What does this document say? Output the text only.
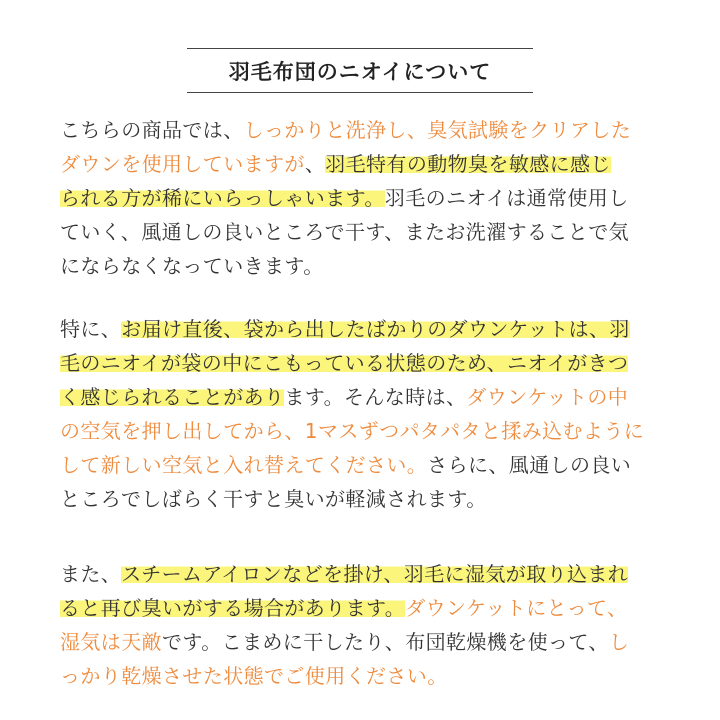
羽毛布団のニオイについて
こちらの商品では、しっかりと洗浄し、臭気試験をクリアした
ダウンを使用していますが、羽毛特有の動物臭を敏感に感じ
られる方が稀にいらっしゃいます。羽毛のニオイは通常使用し
ていく、風通しの良いところで干す、またお洗濯することで気
にならなくなっていきます。
特に、お届け直後、袋から出したばかりのダウンケットは、羽
毛のニオイが袋の中にこもっている状態のため、ニオイがきつ
く感じられることがあります。そんな時は、ダウンケットの中
の空気を押し出してから、1マスずつパタパタと揉み込むように
して新しい空気と入れ替えてください。さらに、風通しの良い
ところでしばらく干すと臭いが軽減されます。
また、スチームアイロンなどを掛け、羽毛に湿気が取り込まれ
ると再び臭いがする場合があります。ダウンケットにとって、
湿気は天敵です。こまめに干したり、布団乾燥機を使って、し
っかり乾燥させた状態でご使用ください。
